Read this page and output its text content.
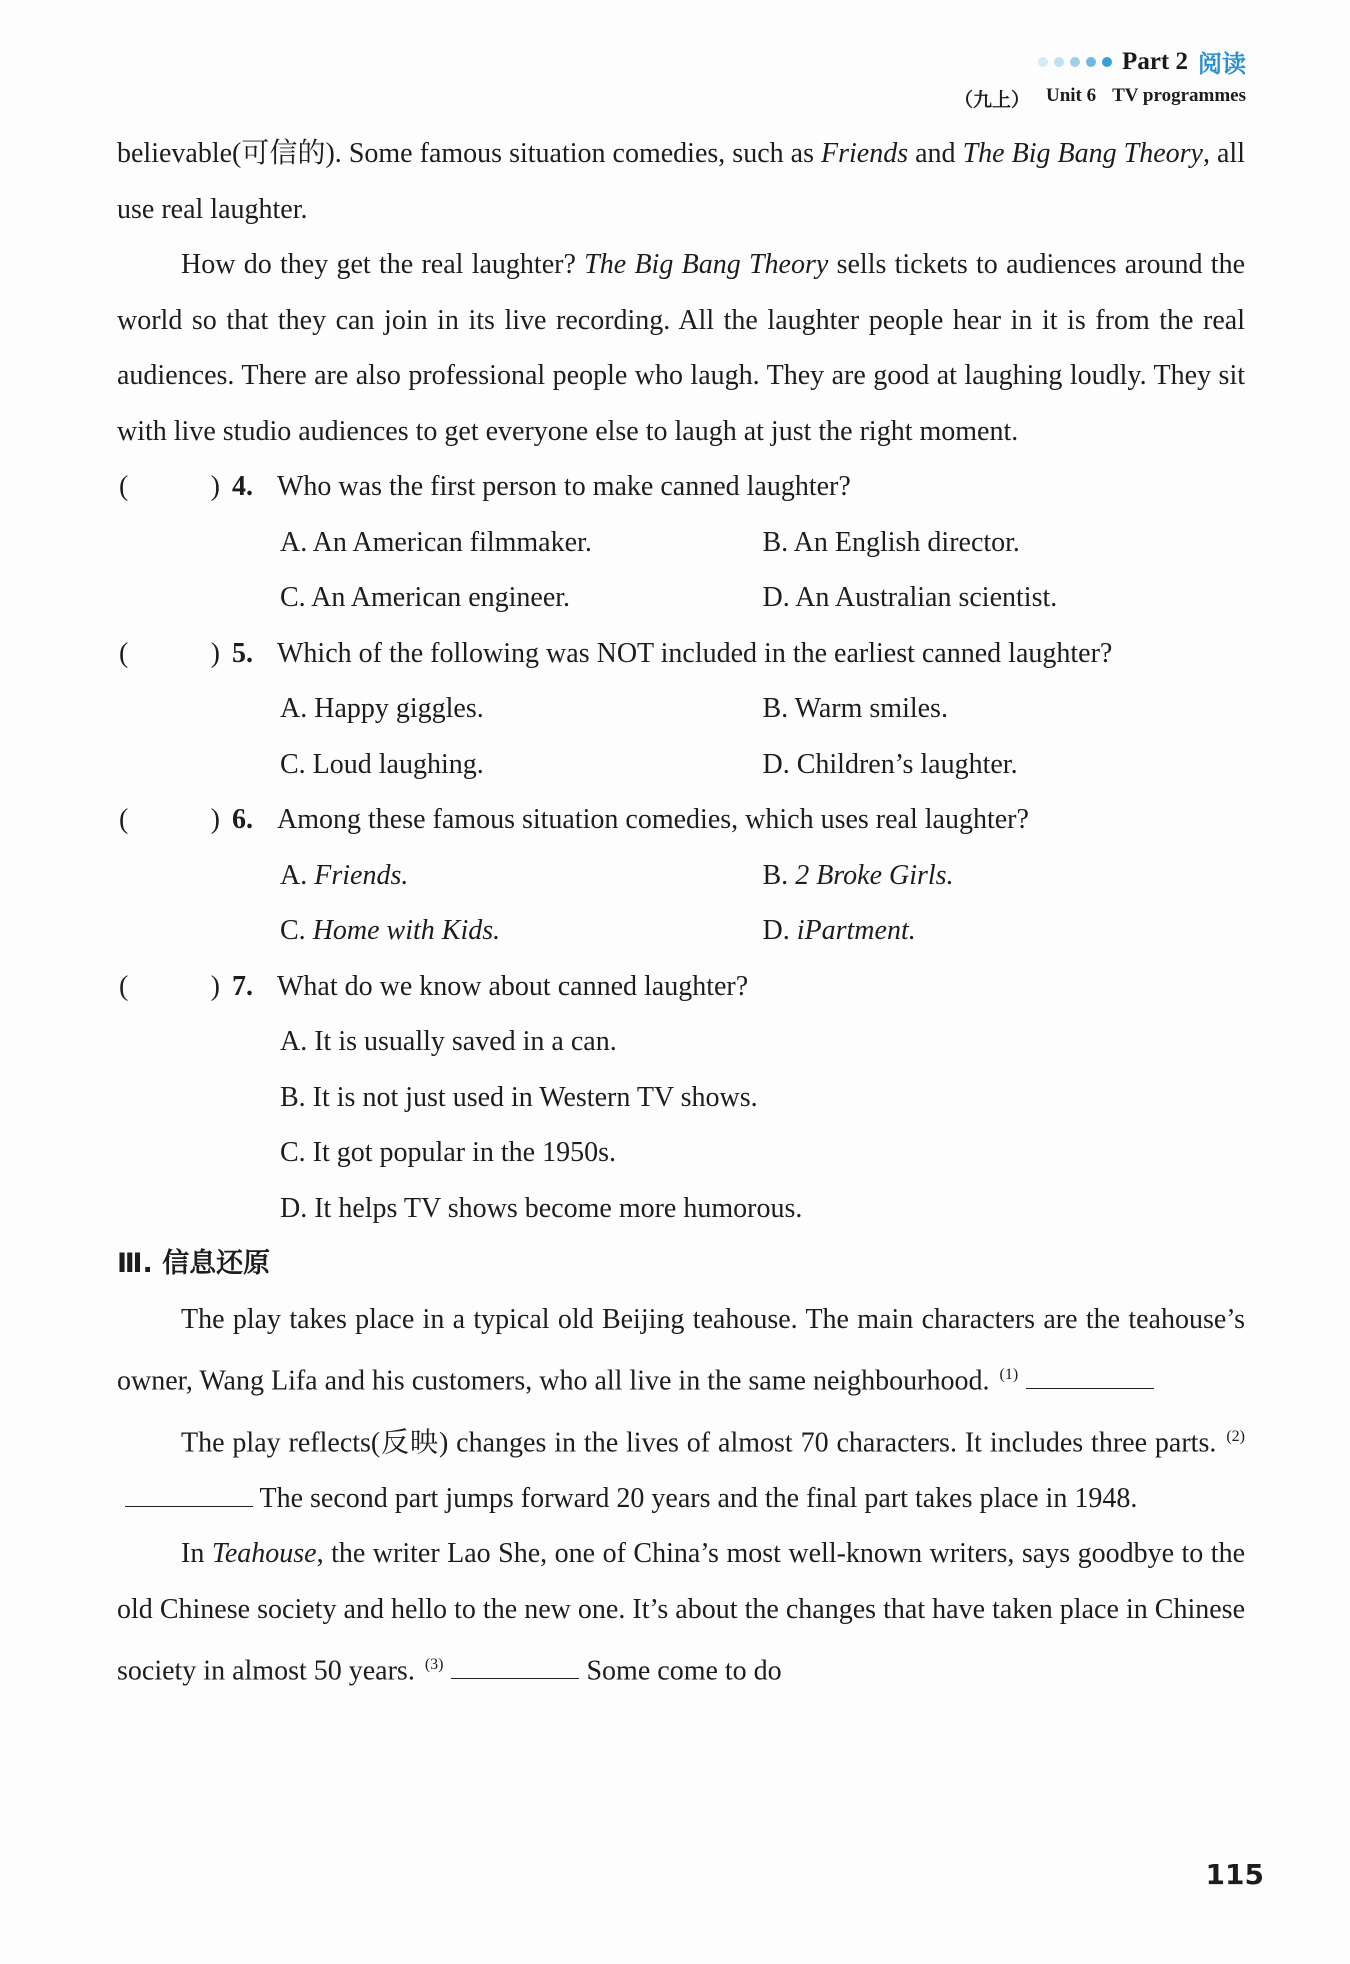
Part 2 阅读
（九上） Unit 6 TV programmes

believable(可信的). Some famous situation comedies, such as Friends and The Big Bang Theory, all use real laughter.

How do they get the real laughter? The Big Bang Theory sells tickets to audiences around the world so that they can join in its live recording. All the laughter people hear in it is from the real audiences. There are also professional people who laugh. They are good at laughing loudly. They sit with live studio audiences to get everyone else to laugh at just the right moment.

(	) 4. Who was the first person to make canned laughter?
A. An American filmmaker.	B. An English director.
C. An American engineer.	D. An Australian scientist.
(	) 5. Which of the following was NOT included in the earliest canned laughter?
A. Happy giggles.	B. Warm smiles.
C. Loud laughing.	D. Children’s laughter.
(	) 6. Among these famous situation comedies, which uses real laughter?
A. Friends.	B. 2 Broke Girls.
C. Home with Kids.	D. iPartment.
(	) 7. What do we know about canned laughter?
A. It is usually saved in a can.
B. It is not just used in Western TV shows.
C. It got popular in the 1950s.
D. It helps TV shows become more humorous.
Ⅲ. 信息还原

The play takes place in a typical old Beijing teahouse. The main characters are the teahouse’s owner, Wang Lifa and his customers, who all live in the same neighbourhood. $^{(1)}$

The play reflects(反映) changes in the lives of almost 70 characters. It includes three parts. $^{(2)}$ The second part jumps forward 20 years and the final part takes place in 1948.

In Teahouse, the writer Lao She, one of China’s most well-known writers, says goodbye to the old Chinese society and hello to the new one. It’s about the changes that have taken place in Chinese society in almost 50 years. $^{(3)}$	Some come to do

115
